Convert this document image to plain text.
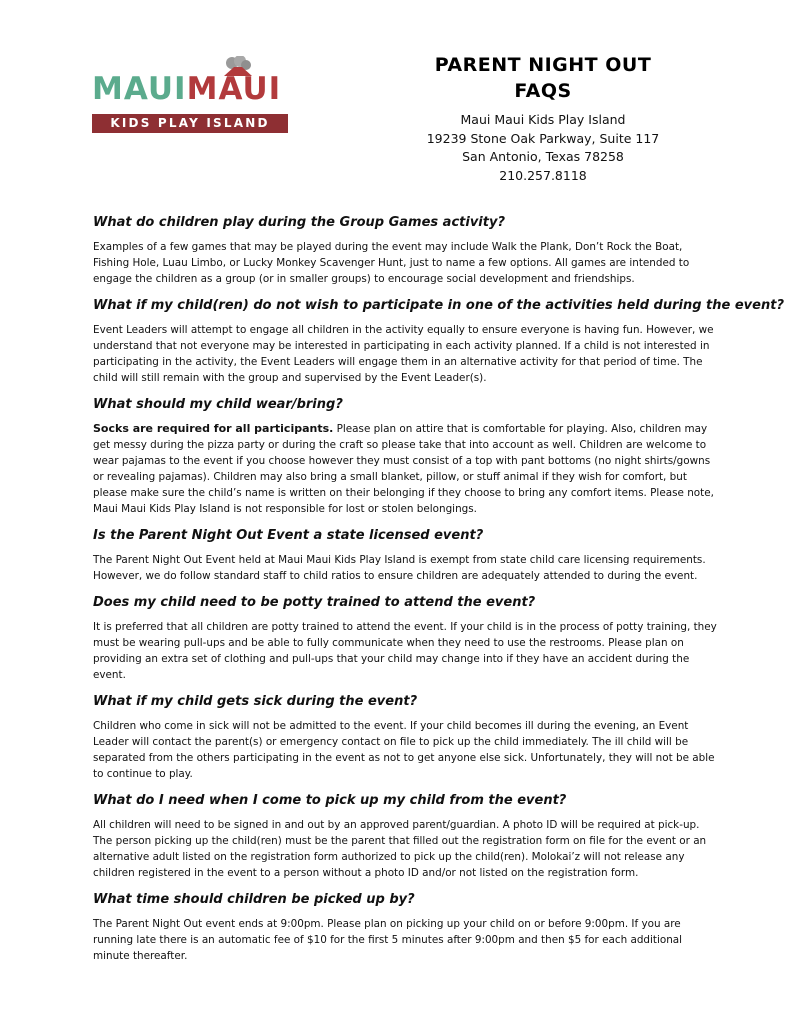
MAUIMAUI
KIDS PLAY ISLAND
PARENT NIGHT OUT
FAQS
Maui Maui Kids Play Island
19239 Stone Oak Parkway, Suite 117
San Antonio, Texas 78258
210.257.8118
What do children play during the Group Games activity?

Examples of a few games that may be played during the event may include Walk the Plank, Don’t Rock the Boat, Fishing Hole, Luau Limbo, or Lucky Monkey Scavenger Hunt, just to name a few options. All games are intended to engage the children as a group (or in smaller groups) to encourage social development and friendships.

What if my child(ren) do not wish to participate in one of the activities held during the event?

Event Leaders will attempt to engage all children in the activity equally to ensure everyone is having fun. However, we understand that not everyone may be interested in participating in each activity planned. If a child is not interested in participating in the activity, the Event Leaders will engage them in an alternative activity for that period of time. The child will still remain with the group and supervised by the Event Leader(s).

What should my child wear/bring?

Socks are required for all participants. Please plan on attire that is comfortable for playing. Also, children may get messy during the pizza party or during the craft so please take that into account as well. Children are welcome to wear pajamas to the event if you choose however they must consist of a top with pant bottoms (no night shirts/gowns or revealing pajamas). Children may also bring a small blanket, pillow, or stuff animal if they wish for comfort, but please make sure the child’s name is written on their belonging if they choose to bring any comfort items. Please note, Maui Maui Kids Play Island is not responsible for lost or stolen belongings.

Is the Parent Night Out Event a state licensed event?

The Parent Night Out Event held at Maui Maui Kids Play Island is exempt from state child care licensing requirements. However, we do follow standard staff to child ratios to ensure children are adequately attended to during the event.

Does my child need to be potty trained to attend the event?

It is preferred that all children are potty trained to attend the event. If your child is in the process of potty training, they must be wearing pull-ups and be able to fully communicate when they need to use the restrooms. Please plan on providing an extra set of clothing and pull-ups that your child may change into if they have an accident during the event.

What if my child gets sick during the event?

Children who come in sick will not be admitted to the event. If your child becomes ill during the evening, an Event Leader will contact the parent(s) or emergency contact on file to pick up the child immediately. The ill child will be separated from the others participating in the event as not to get anyone else sick. Unfortunately, they will not be able to continue to play.

What do I need when I come to pick up my child from the event?

All children will need to be signed in and out by an approved parent/guardian. A photo ID will be required at pick-up. The person picking up the child(ren) must be the parent that filled out the registration form on file for the event or an alternative adult listed on the registration form authorized to pick up the child(ren). Molokai’z will not release any children registered in the event to a person without a photo ID and/or not listed on the registration form.

What time should children be picked up by?

The Parent Night Out event ends at 9:00pm. Please plan on picking up your child on or before 9:00pm. If you are running late there is an automatic fee of $10 for the first 5 minutes after 9:00pm and then $5 for each additional minute thereafter.
